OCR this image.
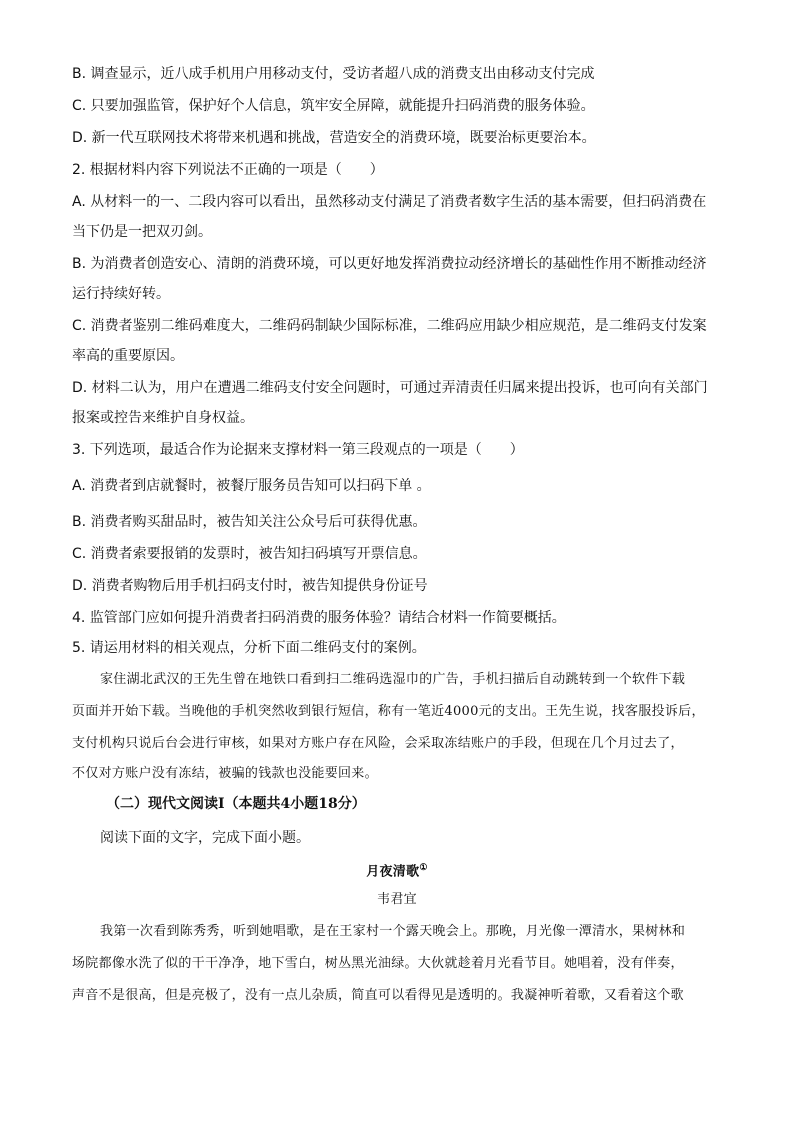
B. 调查显示，近八成手机用户用移动支付，受访者超八成的消费支出由移动支付完成
C. 只要加强监管，保护好个人信息，筑牢安全屏障，就能提升扫码消费的服务体验。
D. 新一代互联网技术将带来机遇和挑战，营造安全的消费环境，既要治标更要治本。
2. 根据材料内容下列说法不正确的一项是（　　）
A. 从材料一的一、二段内容可以看出，虽然移动支付满足了消费者数字生活的基本需要，但扫码消费在
当下仍是一把双刃剑。
B. 为消费者创造安心、清朗的消费环境，可以更好地发挥消费拉动经济增长的基础性作用不断推动经济
运行持续好转。
C. 消费者鉴别二维码难度大，二维码码制缺少国际标准，二维码应用缺少相应规范，是二维码支付发案
率高的重要原因。
D. 材料二认为，用户在遭遇二维码支付安全问题时，可通过弄清责任归属来提出投诉，也可向有关部门
报案或控告来维护自身权益。
3. 下列选项，最适合作为论据来支撑材料一第三段观点的一项是（　　）
A. 消费者到店就餐时，被餐厅服务员告知可以扫码下单 。
B. 消费者购买甜品时，被告知关注公众号后可获得优惠。
C. 消费者索要报销的发票时，被告知扫码填写开票信息。
D. 消费者购物后用手机扫码支付时，被告知提供身份证号
4. 监管部门应如何提升消费者扫码消费的服务体验？请结合材料一作简要概括。
5. 请运用材料的相关观点，分析下面二维码支付的案例。
家住湖北武汉的王先生曾在地铁口看到扫二维码选湿巾的广告，手机扫描后自动跳转到一个软件下载
页面并开始下载。当晚他的手机突然收到银行短信，称有一笔近4000元的支出。王先生说，找客服投诉后，
支付机构只说后台会进行审核，如果对方账户存在风险，会采取冻结账户的手段，但现在几个月过去了，
不仅对方账户没有冻结，被骗的钱款也没能要回来。
（二）现代文阅读Ⅰ（本题共4小题18分）
阅读下面的文字，完成下面小题。
月夜清歌①
韦君宜
我第一次看到陈秀秀，听到她唱歌，是在王家村一个露天晚会上。那晚，月光像一潭清水，果树林和
场院都像水洗了似的干干净净，地下雪白，树丛黑光油绿。大伙就趁着月光看节目。她唱着，没有伴奏，
声音不是很高，但是亮极了，没有一点儿杂质，简直可以看得见是透明的。我凝神听着歌，又看着这个歌
